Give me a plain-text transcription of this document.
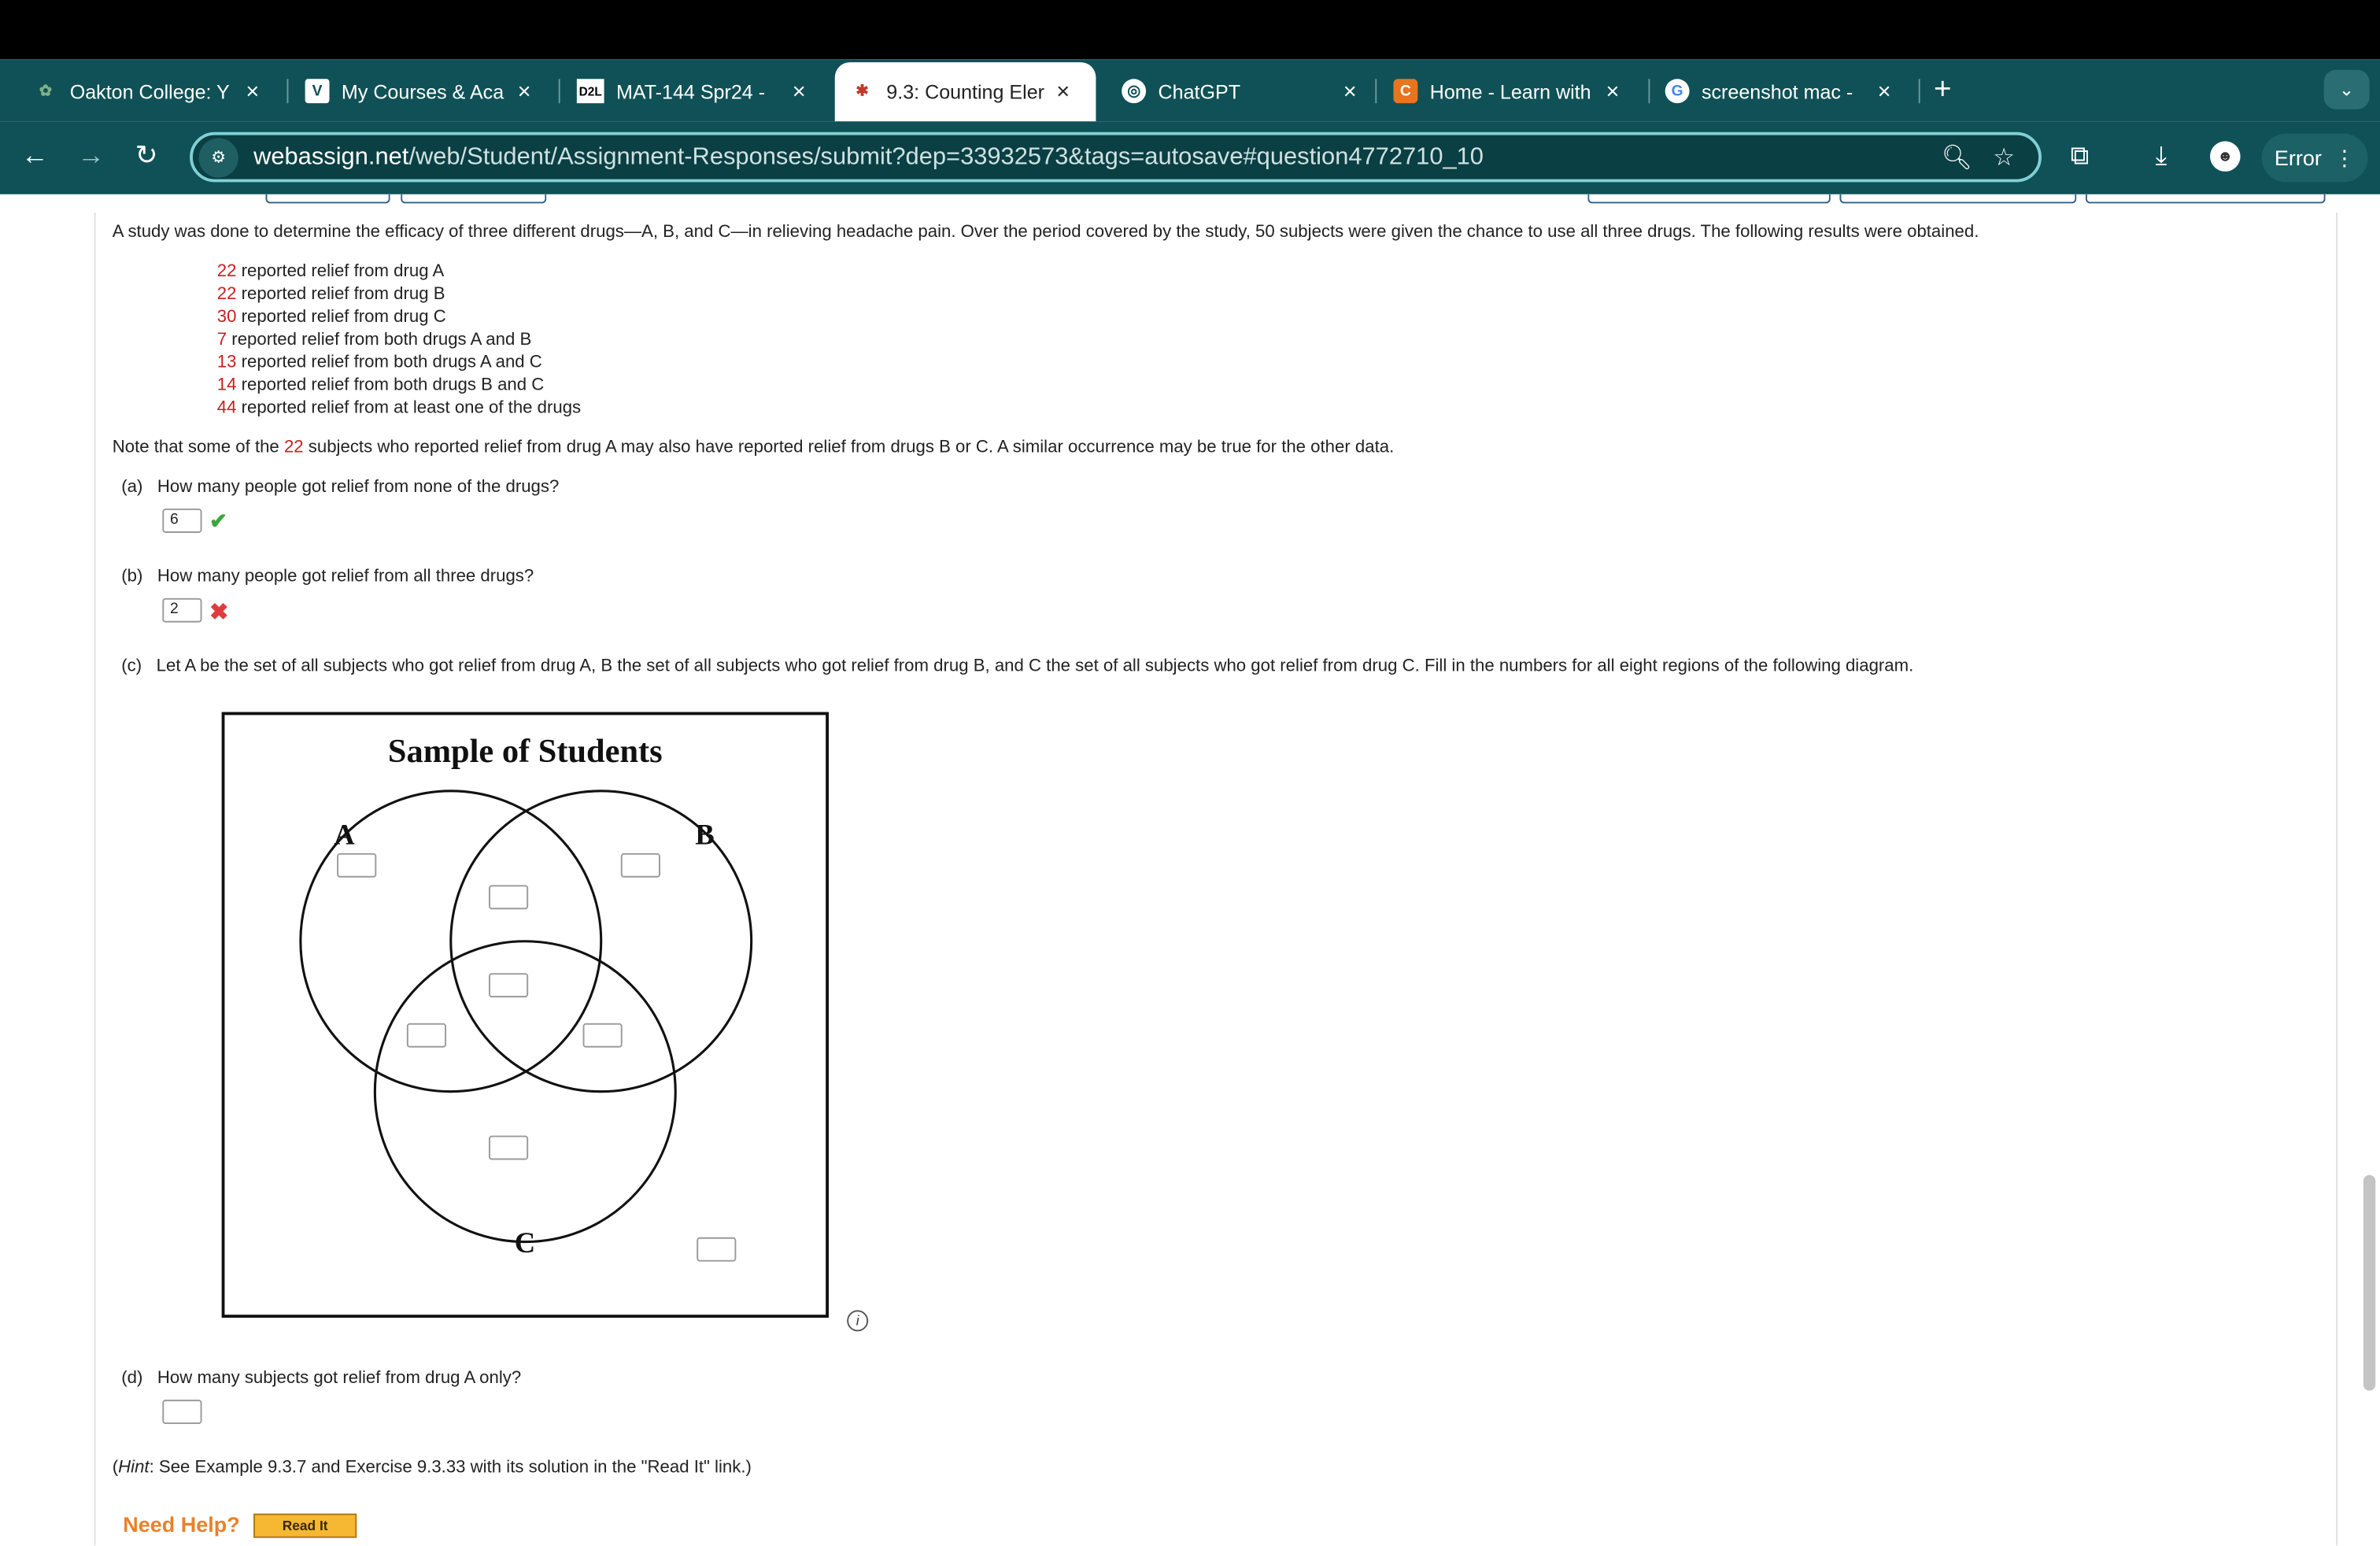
✿	Oakton College: Y	×	V	My Courses & Aca	×	D2L MAT-144 Spr24 -	×	✱	9.3: Counting Eler ×	◎	ChatGPT	×	C	Home - Learn with	×	G	screenshot mac -	×	+	⌄
← → ↻	⚙	webassign.net/web/Student/Assignment-Responses/submit?dep=33932573&tags=autosave#question4772710_10	🔍︎ ☆	⧉	⤓	☻	Error ⋮
A study was done to determine the efficacy of three different drugs—A, B, and C—in relieving headache pain. Over the period covered by the study, 50 subjects were given the chance to use all three drugs. The following results were obtained.
22 reported relief from drug A
22 reported relief from drug B
30 reported relief from drug C
7 reported relief from both drugs A and B
13 reported relief from both drugs A and C
14 reported relief from both drugs B and C
44 reported relief from at least one of the drugs
Note that some of the 22 subjects who reported relief from drug A may also have reported relief from drugs B or C. A similar occurrence may be true for the other data.
(a) How many people got relief from none of the drugs?
6	✔
(b) How many people got relief from all three drugs?
2	✖
(c) Let A be the set of all subjects who got relief from drug A, B the set of all subjects who got relief from drug B, and C the set of all subjects who got relief from drug C. Fill in the numbers for all eight regions of the following diagram.
Sample of Students
A	B
C
i
(d) How many subjects got relief from drug A only?
(Hint: See Example 9.3.7 and Exercise 9.3.33 with its solution in the "Read It" link.)
Need Help?	Read It
